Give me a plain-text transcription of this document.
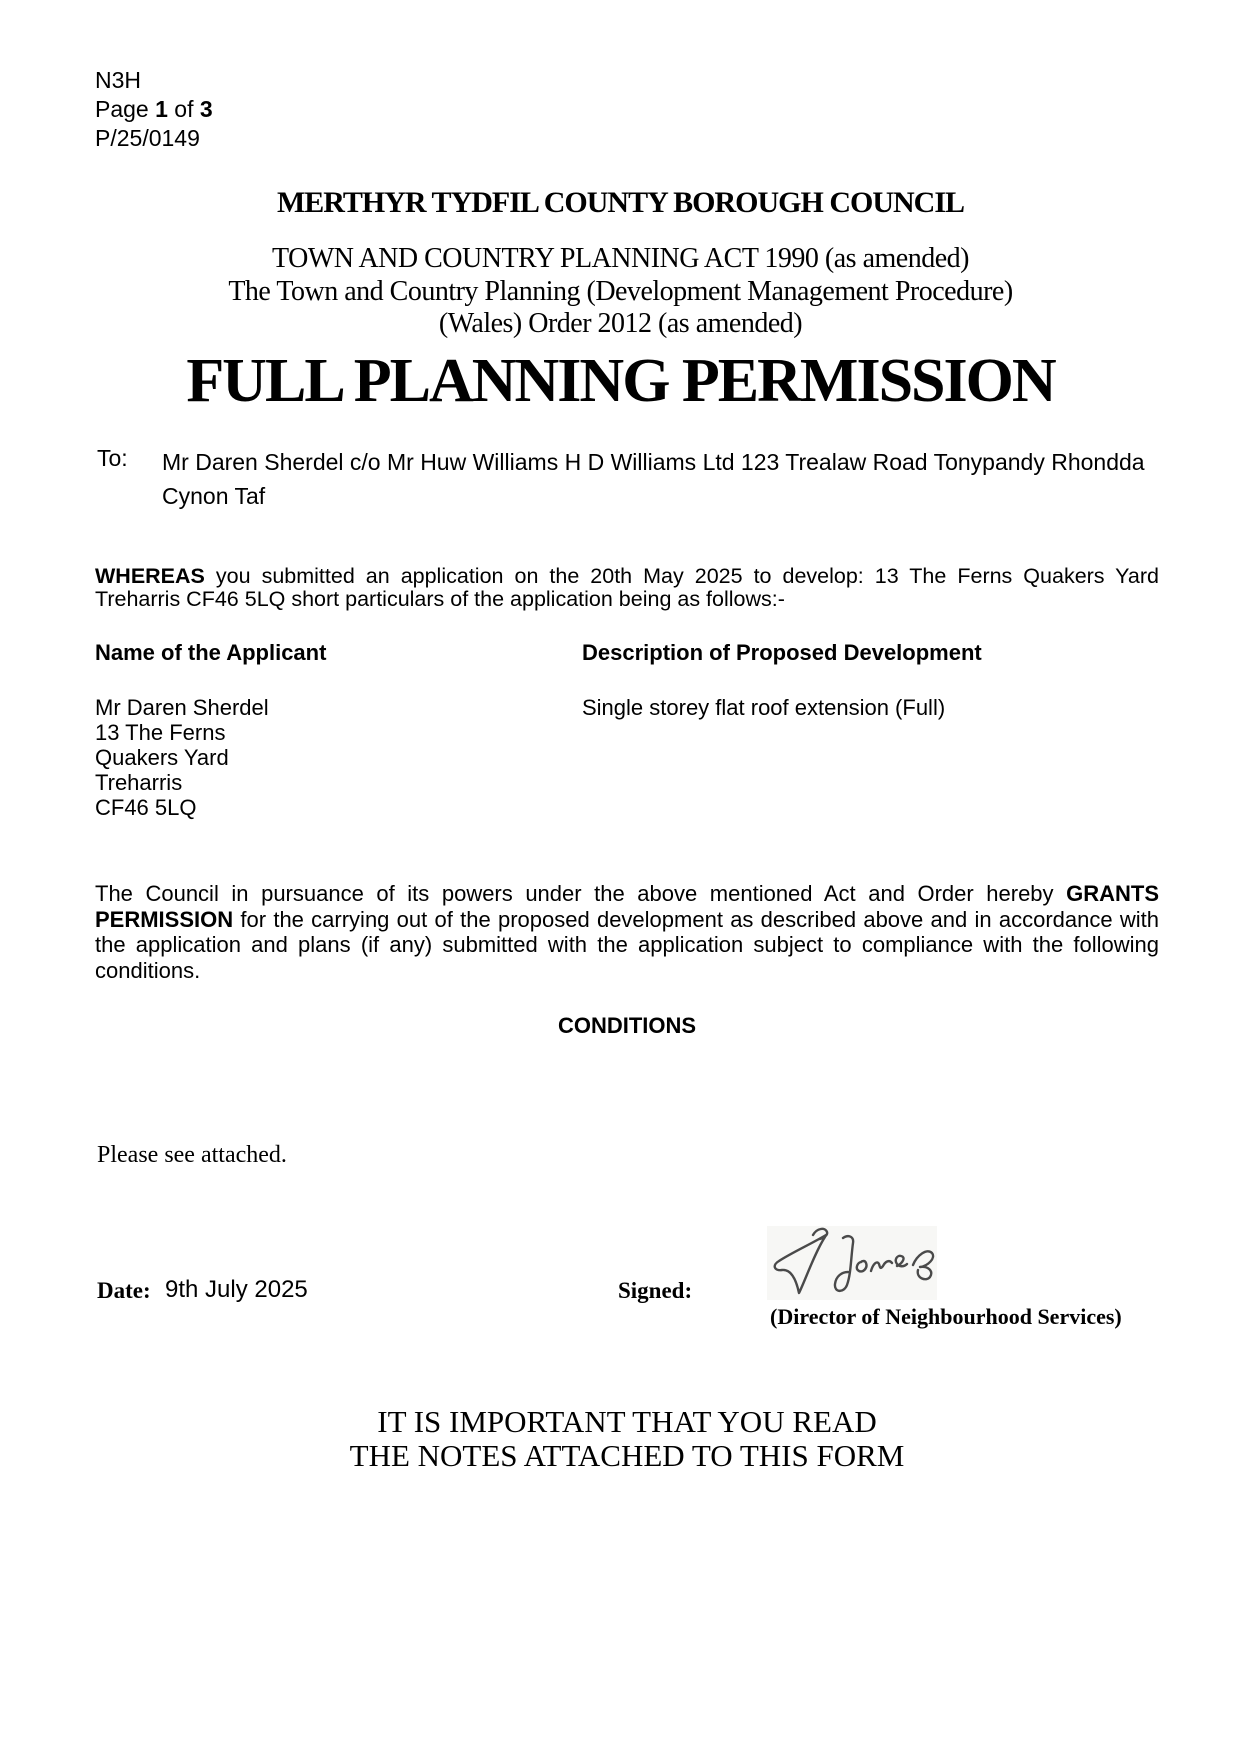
N3H
Page 1 of 3
P/25/0149
MERTHYR TYDFIL COUNTY BOROUGH COUNCIL
TOWN AND COUNTRY PLANNING ACT 1990 (as amended)
The Town and Country Planning (Development Management Procedure)
(Wales) Order 2012 (as amended)
FULL PLANNING PERMISSION
To: Mr Daren Sherdel c/o Mr Huw Williams H D Williams Ltd 123 Trealaw Road Tonypandy Rhondda Cynon Taf
WHEREAS you submitted an application on the 20th May 2025 to develop: 13 The Ferns Quakers Yard Treharris CF46 5LQ short particulars of the application being as follows:-
Name of the Applicant	Description of Proposed Development
Mr Daren Sherdel
13 The Ferns
Quakers Yard
Treharris
CF46 5LQ
Single storey flat roof extension (Full)
The Council in pursuance of its powers under the above mentioned Act and Order hereby GRANTS PERMISSION for the carrying out of the proposed development as described above and in accordance with the application and plans (if any) submitted with the application subject to compliance with the following conditions.
CONDITIONS
Please see attached.
Date: 9th July 2025	Signed:
(Director of Neighbourhood Services)
IT IS IMPORTANT THAT YOU READ
THE NOTES ATTACHED TO THIS FORM
